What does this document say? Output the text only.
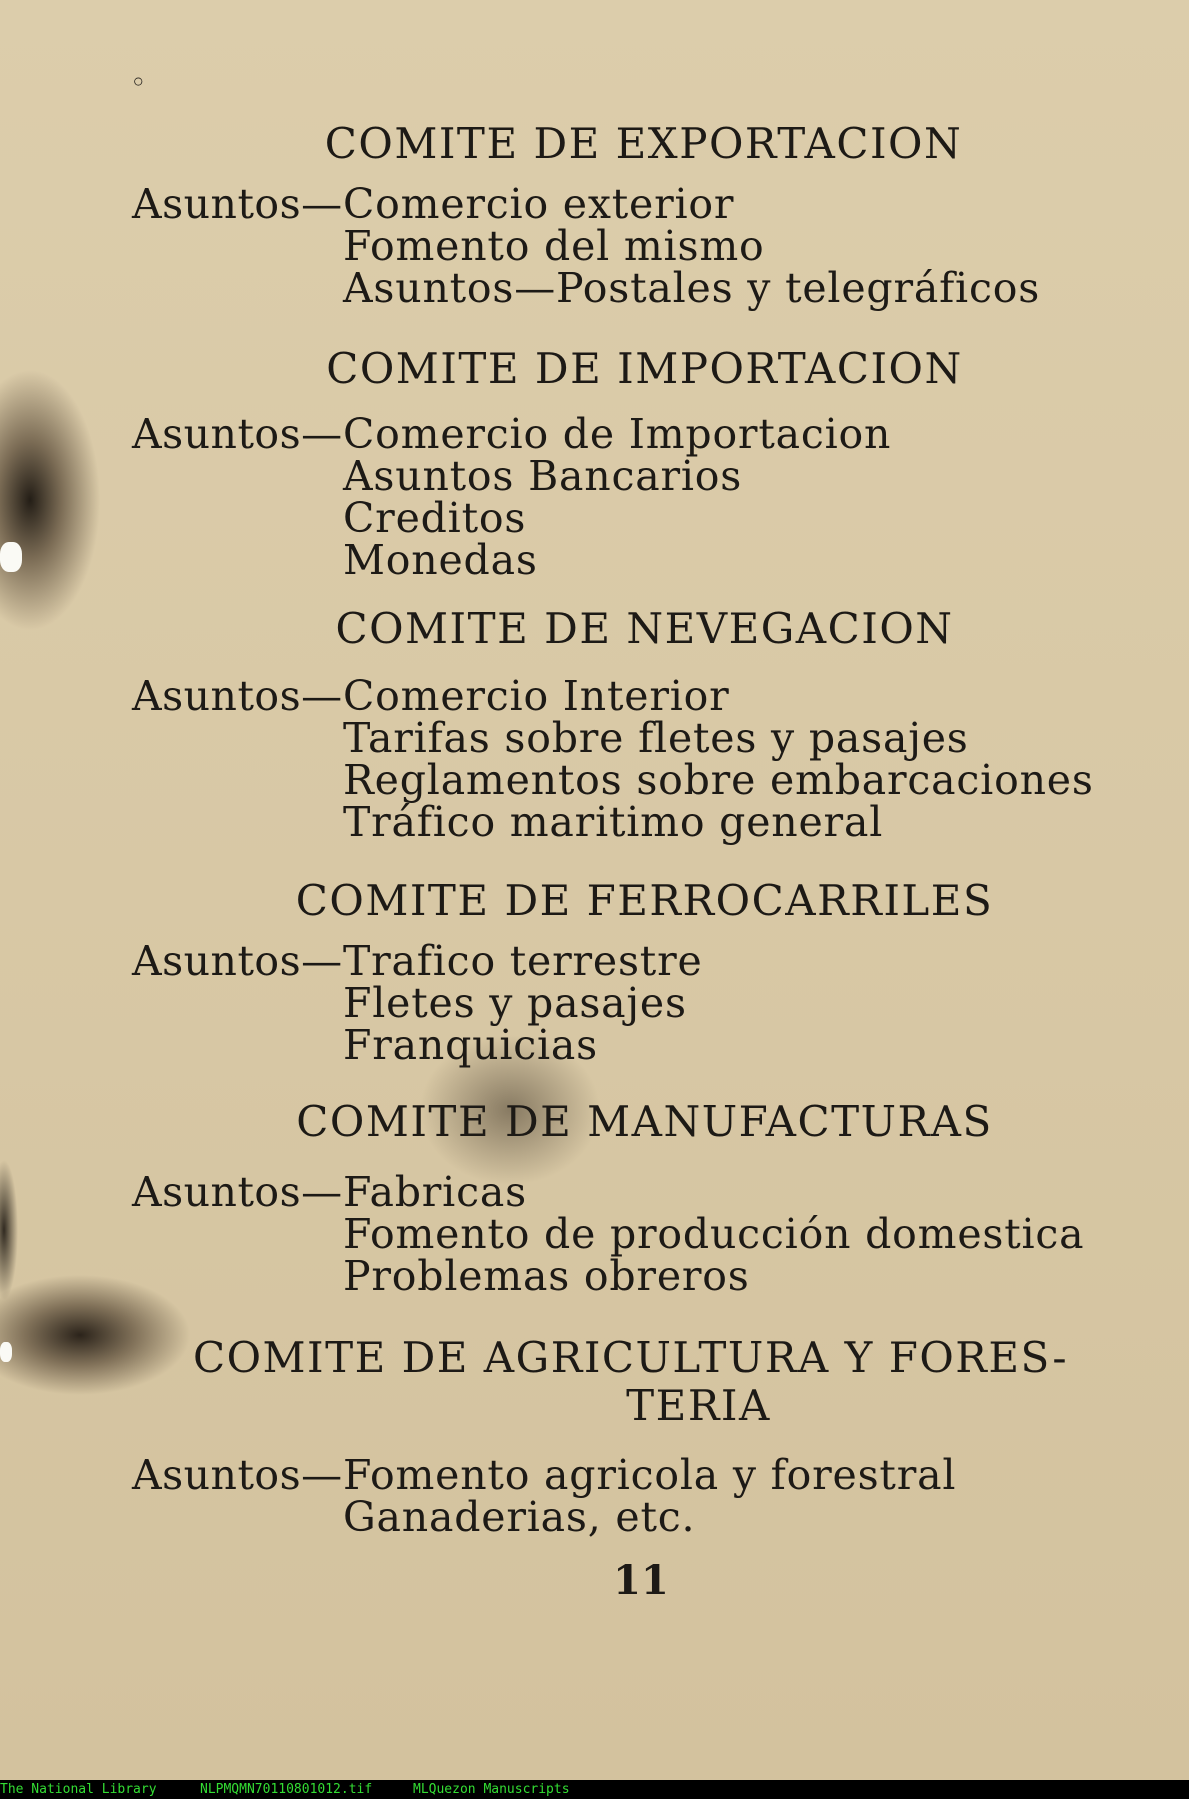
◦
COMITE DE EXPORTACION
Asuntos— Comercio exterior
Fomento del mismo
Asuntos—Postales y telegráficos
COMITE DE IMPORTACION
Asuntos— Comercio de Importacion
Asuntos Bancarios
Creditos
Monedas
COMITE DE NEVEGACION
Asuntos— Comercio Interior
Tarifas sobre fletes y pasajes
Reglamentos sobre embarcaciones
Tráfico maritimo general
COMITE DE FERROCARRILES
Asuntos— Trafico terrestre
Fletes y pasajes
Franquicias
COMITE DE MANUFACTURAS
Asuntos— Fabricas
Fomento de producción domestica
Problemas obreros
COMITE DE AGRICULTURA Y FORES-
TERIA
Asuntos— Fomento agricola y forestral
Ganaderias, etc.
11
The National Library	NLPMQMN70110801012.tif	MLQuezon Manuscripts
